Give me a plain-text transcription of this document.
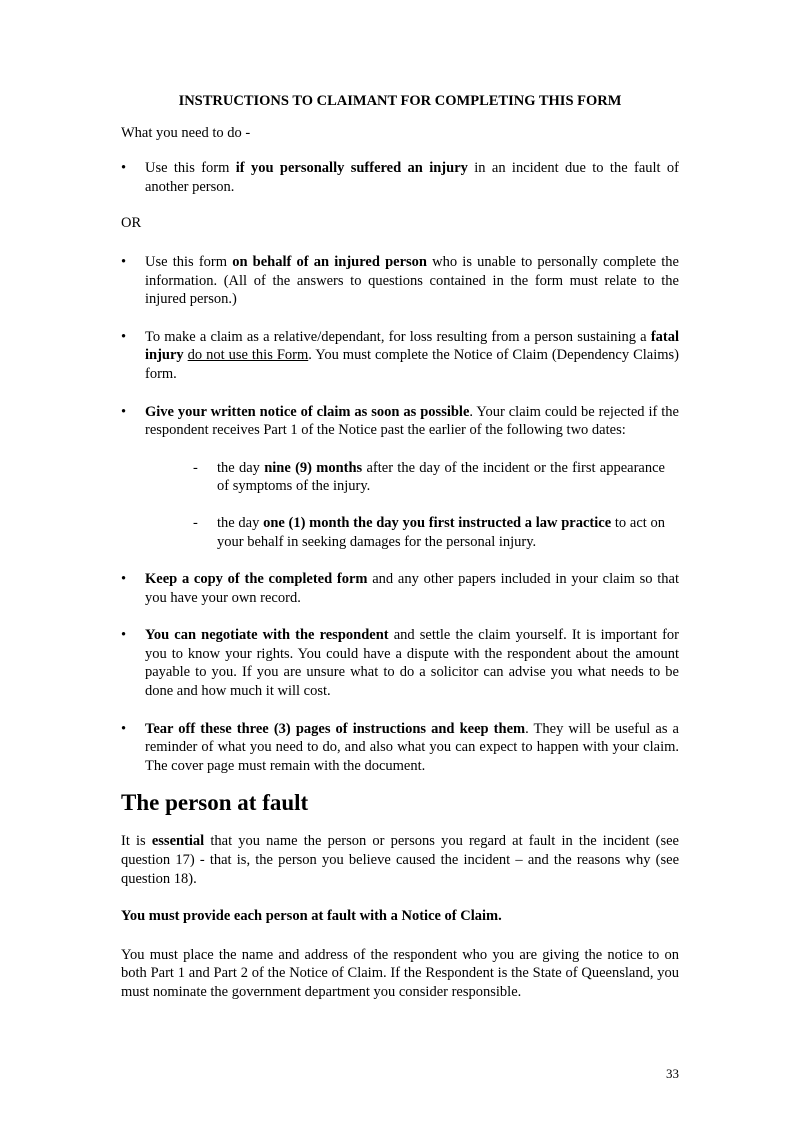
INSTRUCTIONS TO CLAIMANT FOR COMPLETING THIS FORM

What you need to do -

•	Use this form if you personally suffered an injury in an incident due to the fault of another person.

OR

•	Use this form on behalf of an injured person who is unable to personally complete the information. (All of the answers to questions contained in the form must relate to the injured person.)
•	To make a claim as a relative/dependant, for loss resulting from a person sustaining a fatal injury do not use this Form. You must complete the Notice of Claim (Dependency Claims) form.
•	Give your written notice of claim as soon as possible. Your claim could be rejected if the respondent receives Part 1 of the Notice past the earlier of the following two dates:
- the day nine (9) months after the day of the incident or the first appearance of symptoms of the injury.
- the day one (1) month the day you first instructed a law practice to act on your behalf in seeking damages for the personal injury.
•	Keep a copy of the completed form and any other papers included in your claim so that you have your own record.
•	You can negotiate with the respondent and settle the claim yourself. It is important for you to know your rights. You could have a dispute with the respondent about the amount payable to you. If you are unsure what to do a solicitor can advise you what needs to be done and how much it will cost.
•	Tear off these three (3) pages of instructions and keep them. They will be useful as a reminder of what you need to do, and also what you can expect to happen with your claim. The cover page must remain with the document.
The person at fault

It is essential that you name the person or persons you regard at fault in the incident (see question 17) - that is, the person you believe caused the incident – and the reasons why (see question 18).

You must provide each person at fault with a Notice of Claim.

You must place the name and address of the respondent who you are giving the notice to on both Part 1 and Part 2 of the Notice of Claim. If the Respondent is the State of Queensland, you must nominate the government department you consider responsible.

33
